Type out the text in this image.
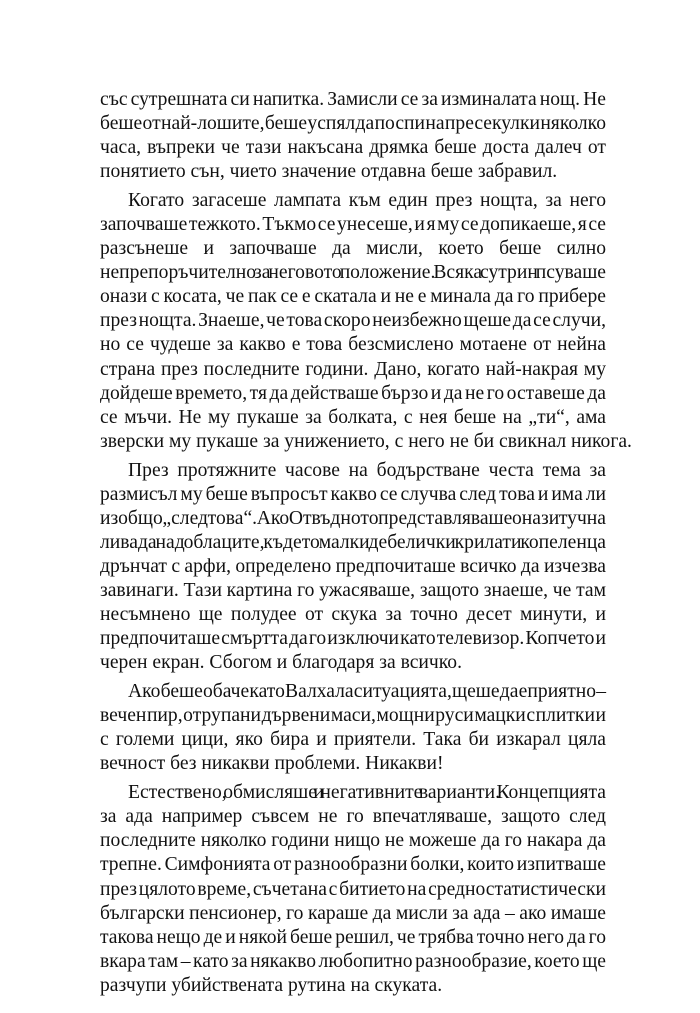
със сутрешната си напитка. Замисли се за изминалата нощ. Не
беше от най-лошите, беше успял да поспи на пресекулки няколко
часа, въпреки че тази накъсана дрямка беше доста далеч от
понятието сън, чието значение отдавна беше забравил.
Когато загасеше лампата към един през нощта, за него
започваше тежкото. Тъкмо се унесеше, и я му се допикаеше, я се
разсънеше и започваше да мисли, което беше силно
непрепоръчително за неговото положение. Всяка сутрин псуваше
онази с косата, че пак се е скатала и не е минала да го прибере
през нощта. Знаеше, че това скоро неизбежно щеше да се случи,
но се чудеше за какво е това безсмислено мотаене от нейна
страна през последните години. Дано, когато най-накрая му
дойдеше времето, тя да действаше бързо и да не го оставеше да
се мъчи. Не му пукаше за болката, с нея беше на „ти“, ама
зверски му пукаше за унижението, с него не би свикнал никога.
През протяжните часове на бодърстване честа тема за
размисъл му беше въпросът какво се случва след това и има ли
изобщо „след това“. Ако Отвъдното представляваше онази тучна
ливада над облаците, където малки дебелички крилати копеленца
дрънчат с арфи, определено предпочиташе всичко да изчезва
завинаги. Тази картина го ужасяваше, защото знаеше, че там
несъмнено ще полудее от скука за точно десет минути, и
предпочиташе смъртта да го изключи като телевизор. Копчето и
черен екран. Сбогом и благодаря за всичко.
Ако беше обаче като Валхала ситуацията, щеше да е приятно –
вечен пир, отрупани дървени маси, мощни руси мацки с плитки и
с големи цици, яко бира и приятели. Така би изкарал цяла
вечност без никакви проблеми. Никакви!
Естествено, обмисляше и негативните варианти. Концепцията
за ада например съвсем не го впечатляваше, защото след
последните няколко години нищо не можеше да го накара да
трепне. Симфонията от разнообразни болки, които изпитваше
през цялото време, съчетана с битието на средностатистически
български пенсионер, го караше да мисли за ада – ако имаше
такова нещо де и някой беше решил, че трябва точно него да го
вкара там – като за някакво любопитно разнообразие, което ще
разчупи убийствената рутина на скуката.
